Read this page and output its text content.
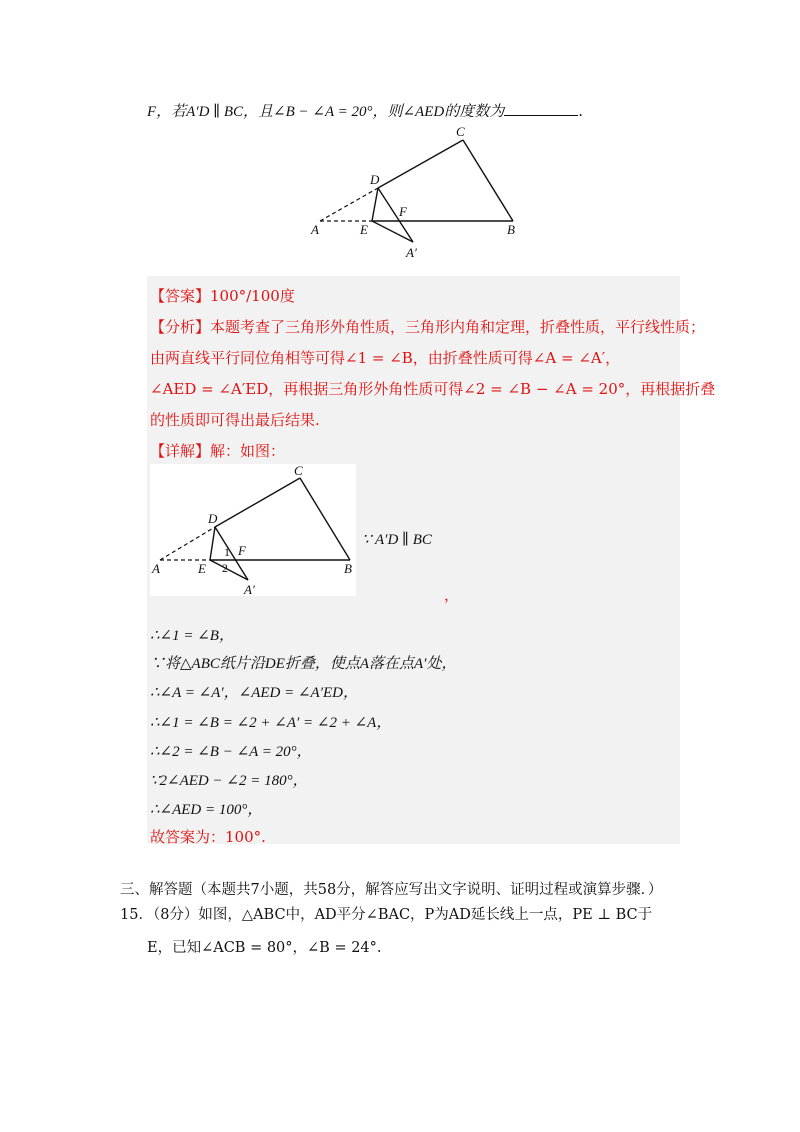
F，若A′D ∥ BC，且∠B − ∠A = 20°，则∠AED的度数为	.
C
D
F
A	E	B
A′
【答案】100°/100度
【分析】本题考查了三角形外角性质，三角形内角和定理，折叠性质，平行线性质；
由两直线平行同位角相等可得∠1 = ∠B，由折叠性质可得∠A = ∠A′，
∠AED = ∠A′ED，再根据三角形外角性质可得∠2 = ∠B − ∠A = 20°，再根据折叠
的性质即可得出最后结果.
【详解】解：如图：
C
D
F
1
2
A	E	B
A′
∵ A′D ∥ BC
，
∴∠1 = ∠B，
∵将△ABC纸片沿DE折叠，使点A落在点A′处，
∴∠A = ∠A′，∠AED = ∠A′ED，
∴∠1 = ∠B = ∠2 + ∠A′ = ∠2 + ∠A，
∴∠2 = ∠B − ∠A = 20°，
∵2∠AED − ∠2 = 180°，
∴∠AED = 100°，
故答案为：100°.
三、解答题（本题共7小题，共58分，解答应写出文字说明、证明过程或演算步骤．）
15．（8分）如图，△ABC中，AD平分∠BAC，P为AD延长线上一点，PE ⊥ BC于
E，已知∠ACB = 80°，∠B = 24°.
